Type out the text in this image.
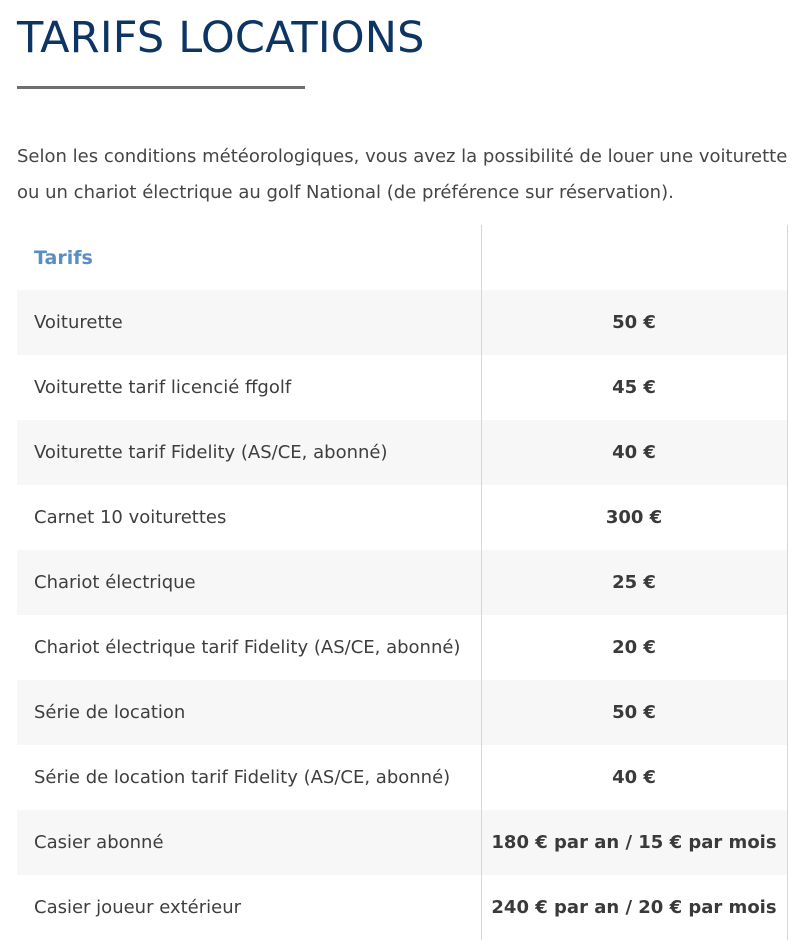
TARIFS LOCATIONS

Selon les conditions météorologiques, vous avez la possibilité de louer une voiturette ou un chariot électrique au golf National (de préférence sur réservation).

Tarifs	
Voiturette	50 €
Voiturette tarif licencié ffgolf	45 €
Voiturette tarif Fidelity (AS/CE, abonné)	40 €
Carnet 10 voiturettes	300 €
Chariot électrique	25 €
Chariot électrique tarif Fidelity (AS/CE, abonné)	20 €
Série de location	50 €
Série de location tarif Fidelity (AS/CE, abonné)	40 €
Casier abonné	180 € par an / 15 € par mois
Casier joueur extérieur	240 € par an / 20 € par mois
